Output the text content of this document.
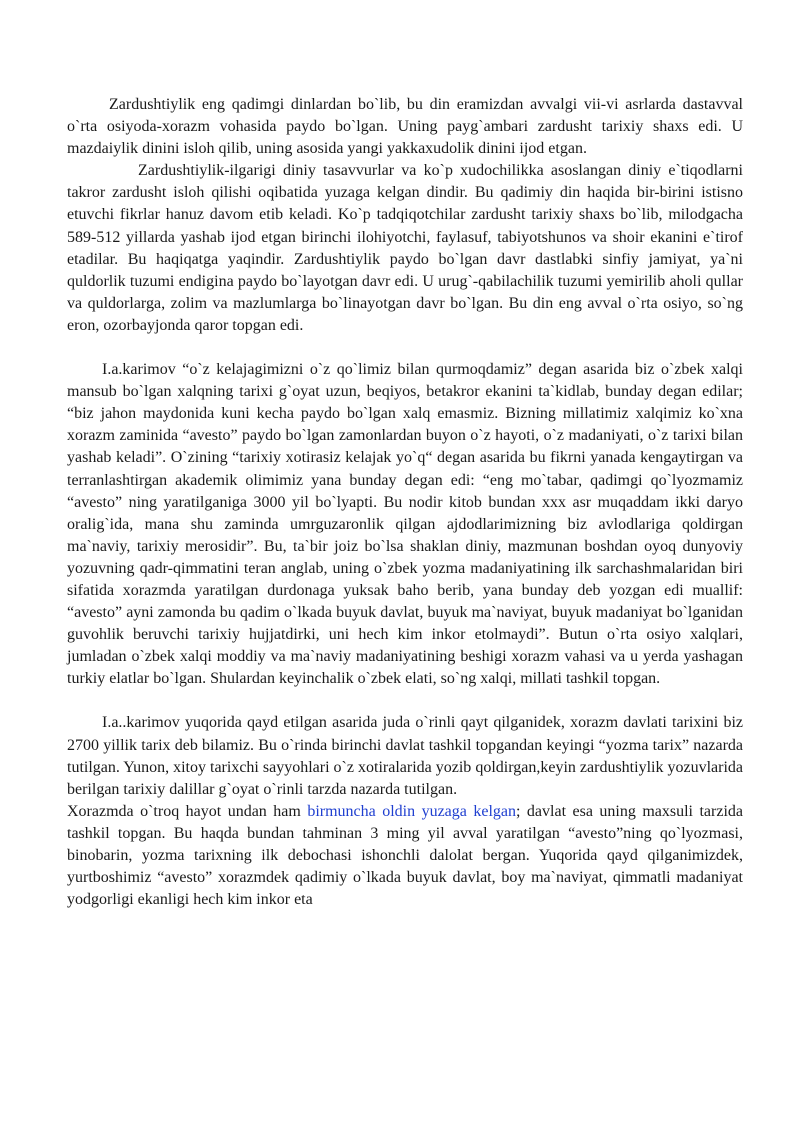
Zardushtiylik eng qadimgi dinlardan bo`lib, bu din eramizdan avvalgi vii-vi asrlarda dastavval o`rta osiyoda-xorazm vohasida paydo bo`lgan. Uning payg`ambari zardusht tarixiy shaxs edi. U mazdaiylik dinini isloh qilib, uning asosida yangi yakkaxudolik dinini ijod etgan.

Zardushtiylik-ilgarigi diniy tasavvurlar va ko`p xudochilikka asoslangan diniy e`tiqodlarni takror zardusht isloh qilishi oqibatida yuzaga kelgan dindir. Bu qadimiy din haqida bir-birini istisno etuvchi fikrlar hanuz davom etib keladi. Ko`p tadqiqotchilar zardusht tarixiy shaxs bo`lib, milodgacha 589-512 yillarda yashab ijod etgan birinchi ilohiyotchi, faylasuf, tabiyotshunos va shoir ekanini e`tirof etadilar. Bu haqiqatga yaqindir. Zardushtiylik paydo bo`lgan davr dastlabki sinfiy jamiyat, ya`ni quldorlik tuzumi endigina paydo bo`layotgan davr edi. U urug`-qabilachilik tuzumi yemirilib aholi qullar va quldorlarga, zolim va mazlumlarga bo`linayotgan davr bo`lgan. Bu din eng avval o`rta osiyo, so`ng eron, ozorbayjonda qaror topgan edi.

I.a.karimov “o`z kelajagimizni o`z qo`limiz bilan qurmoqdamiz” degan asarida biz o`zbek xalqi mansub bo`lgan xalqning tarixi g`oyat uzun, beqiyos, betakror ekanini ta`kidlab, bunday degan edilar; “biz jahon maydonida kuni kecha paydo bo`lgan xalq emasmiz. Bizning millatimiz xalqimiz ko`xna xorazm zaminida “avesto” paydo bo`lgan zamonlardan buyon o`z hayoti, o`z madaniyati, o`z tarixi bilan yashab keladi”. O`zining “tarixiy xotirasiz kelajak yo`q“ degan asarida bu fikrni yanada kengaytirgan va terranlashtirgan akademik olimimiz yana bunday degan edi: “eng mo`tabar, qadimgi qo`lyozmamiz “avesto” ning yaratilganiga 3000 yil bo`lyapti. Bu nodir kitob bundan xxx asr muqaddam ikki daryo oralig`ida, mana shu zaminda umrguzaronlik qilgan ajdodlarimizning biz avlodlariga qoldirgan ma`naviy, tarixiy merosidir”. Bu, ta`bir joiz bo`lsa shaklan diniy, mazmunan boshdan oyoq dunyoviy yozuvning qadr-qimmatini teran anglab, uning o`zbek yozma madaniyatining ilk sarchashmalaridan biri sifatida xorazmda yaratilgan durdonaga yuksak baho berib, yana bunday deb yozgan edi muallif: “avesto” ayni zamonda bu qadim o`lkada buyuk davlat, buyuk ma`naviyat, buyuk madaniyat bo`lganidan guvohlik beruvchi tarixiy hujjatdirki, uni hech kim inkor etolmaydi”. Butun o`rta osiyo xalqlari, jumladan o`zbek xalqi moddiy va ma`naviy madaniyatining beshigi xorazm vahasi va u yerda yashagan turkiy elatlar bo`lgan. Shulardan keyinchalik o`zbek elati, so`ng xalqi, millati tashkil topgan.

I.a..karimov yuqorida qayd etilgan asarida juda o`rinli qayt qilganidek, xorazm davlati tarixini biz 2700 yillik tarix deb bilamiz. Bu o`rinda birinchi davlat tashkil topgandan keyingi “yozma tarix” nazarda tutilgan. Yunon, xitoy tarixchi sayyohlari o`z xotiralarida yozib qoldirgan,keyin zardushtiylik yozuvlarida berilgan tarixiy dalillar g`oyat o`rinli tarzda nazarda tutilgan.

Xorazmda o`troq hayot undan ham birmuncha oldin yuzaga kelgan; davlat esa uning maxsuli tarzida tashkil topgan. Bu haqda bundan tahminan 3 ming yil avval yaratilgan “avesto”ning qo`lyozmasi, binobarin, yozma tarixning ilk debochasi ishonchli dalolat bergan. Yuqorida qayd qilganimizdek, yurtboshimiz “avesto” xorazmdek qadimiy o`lkada buyuk davlat, boy ma`naviyat, qimmatli madaniyat yodgorligi ekanligi hech kim inkor eta
